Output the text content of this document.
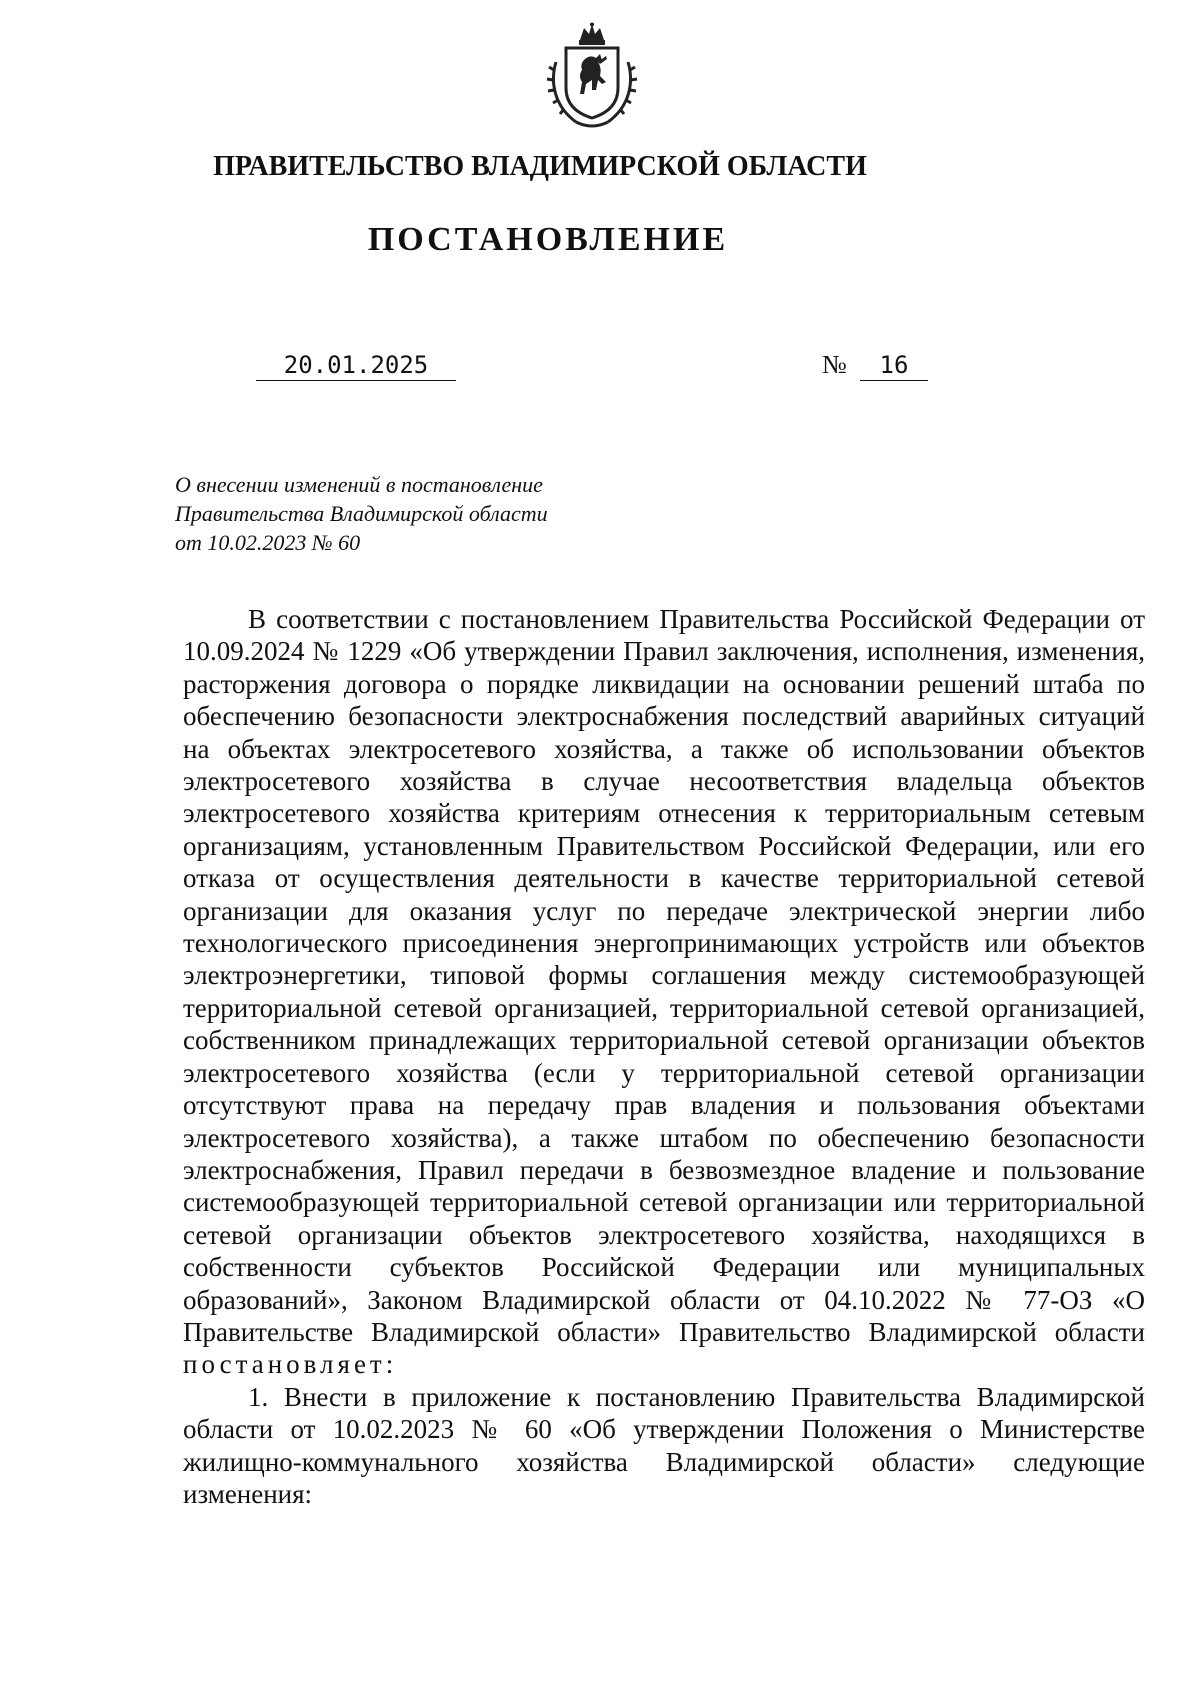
ПРАВИТЕЛЬСТВО ВЛАДИМИРСКОЙ ОБЛАСТИ
ПОСТАНОВЛЕНИЕ
20.01.2025	№	16
О внесении изменений в постановление
Правительства Владимирской области
от 10.02.2023 № 60

В соответствии с постановлением Правительства Российской Федерации от 10.09.2024 № 1229 «Об утверждении Правил заключения, исполнения, изменения, расторжения договора о порядке ликвидации на основании решений штаба по обеспечению безопасности электроснабжения последствий аварийных ситуаций на объектах электросетевого хозяйства, а также об использовании объектов электросетевого хозяйства в случае несоответствия владельца объектов электросетевого хозяйства критериям отнесения к территориальным сетевым организациям, установленным Правительством Российской Федерации, или его отказа от осуществления деятельности в качестве территориальной сетевой организации для оказания услуг по передаче электрической энергии либо технологического присоединения энергопринимающих устройств или объектов электроэнергетики, типовой формы соглашения между системообразующей территориальной сетевой организацией, территориальной сетевой организацией, собственником принадлежащих территориальной сетевой организации объектов электросетевого хозяйства (если у территориальной сетевой организации отсутствуют права на передачу прав владения и пользования объектами электросетевого хозяйства), а также штабом по обеспечению безопасности электроснабжения, Правил передачи в безвозмездное владение и пользование системообразующей территориальной сетевой организации или территориальной сетевой организации объектов электросетевого хозяйства, находящихся в собственности субъектов Российской Федерации или муниципальных образований», Законом Владимирской области от 04.10.2022 № 77-ОЗ «О Правительстве Владимирской области» Правительство Владимирской области постановляет:

1. Внести в приложение к постановлению Правительства Владимирской области от 10.02.2023 № 60 «Об утверждении Положения о Министерстве жилищно-коммунального хозяйства Владимирской области» следующие изменения:
